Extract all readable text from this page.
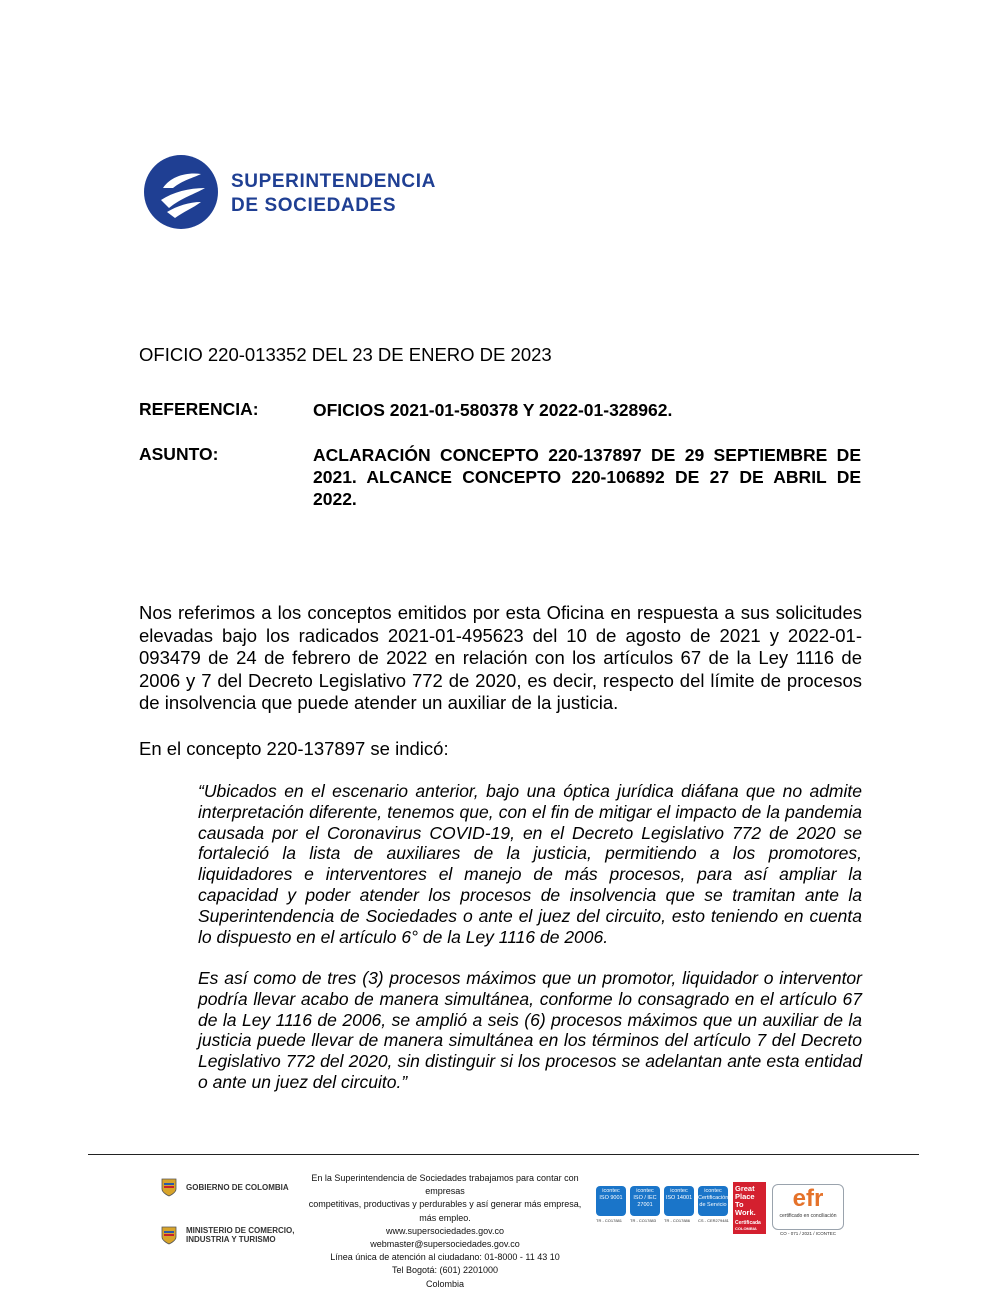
SUPERINTENDENCIA
DE SOCIEDADES
OFICIO 220-013352 DEL 23 DE ENERO DE 2023
REFERENCIA:	OFICIOS 2021-01-580378 Y 2022-01-328962.
ASUNTO:	ACLARACIÓN CONCEPTO 220-137897 DE 29 SEPTIEMBRE DE 2021. ALCANCE CONCEPTO 220-106892 DE 27 DE ABRIL DE 2022.
Nos referimos a los conceptos emitidos por esta Oficina en respuesta a sus solicitudes elevadas bajo los radicados 2021-01-495623 del 10 de agosto de 2021 y 2022-01-093479 de 24 de febrero de 2022 en relación con los artículos 67 de la Ley 1116 de 2006 y 7 del Decreto Legislativo 772 de 2020, es decir, respecto del límite de procesos de insolvencia que puede atender un auxiliar de la justicia.
En el concepto 220-137897 se indicó:
“Ubicados en el escenario anterior, bajo una óptica jurídica diáfana que no admite interpretación diferente, tenemos que, con el fin de mitigar el impacto de la pandemia causada por el Coronavirus COVID-19, en el Decreto Legislativo 772 de 2020 se fortaleció la lista de auxiliares de la justicia, permitiendo a los promotores, liquidadores e interventores el manejo de más procesos, para así ampliar la capacidad y poder atender los procesos de insolvencia que se tramitan ante la Superintendencia de Sociedades o ante el juez del circuito, esto teniendo en cuenta lo dispuesto en el artículo 6° de la Ley 1116 de 2006.
Es así como de tres (3) procesos máximos que un promotor, liquidador o interventor podría llevar acabo de manera simultánea, conforme lo consagrado en el artículo 67 de la Ley 1116 de 2006, se amplió a seis (6) procesos máximos que un auxiliar de la justicia puede llevar de manera simultánea en los términos del artículo 7 del Decreto Legislativo 772 del 2020, sin distinguir si los procesos se adelantan ante esta entidad o ante un juez del circuito.”
GOBIERNO DE COLOMBIA
MINISTERIO DE COMERCIO,
INDUSTRIA Y TURISMO
En la Superintendencia de Sociedades trabajamos para contar con empresas
competitivas, productivas y perdurables y así generar más empresa, más empleo.
www.supersociedades.gov.co
webmaster@supersociedades.gov.co
Línea única de atención al ciudadano: 01-8000 - 11 43 10
Tel Bogotá: (601) 2201000
Colombia
icontec
ISO 9001
TR - CO17881
icontec
ISO / IEC 27001
TR - CO17883
icontec
ISO 14001
TR - CO17886
icontec
Certificación de Servicio
CS - CER279481
Great
Place
To
Work.
Certificada
COLOMBIA
efr
certificado en conciliación
CO - 071 / 2021 / ICONTEC
